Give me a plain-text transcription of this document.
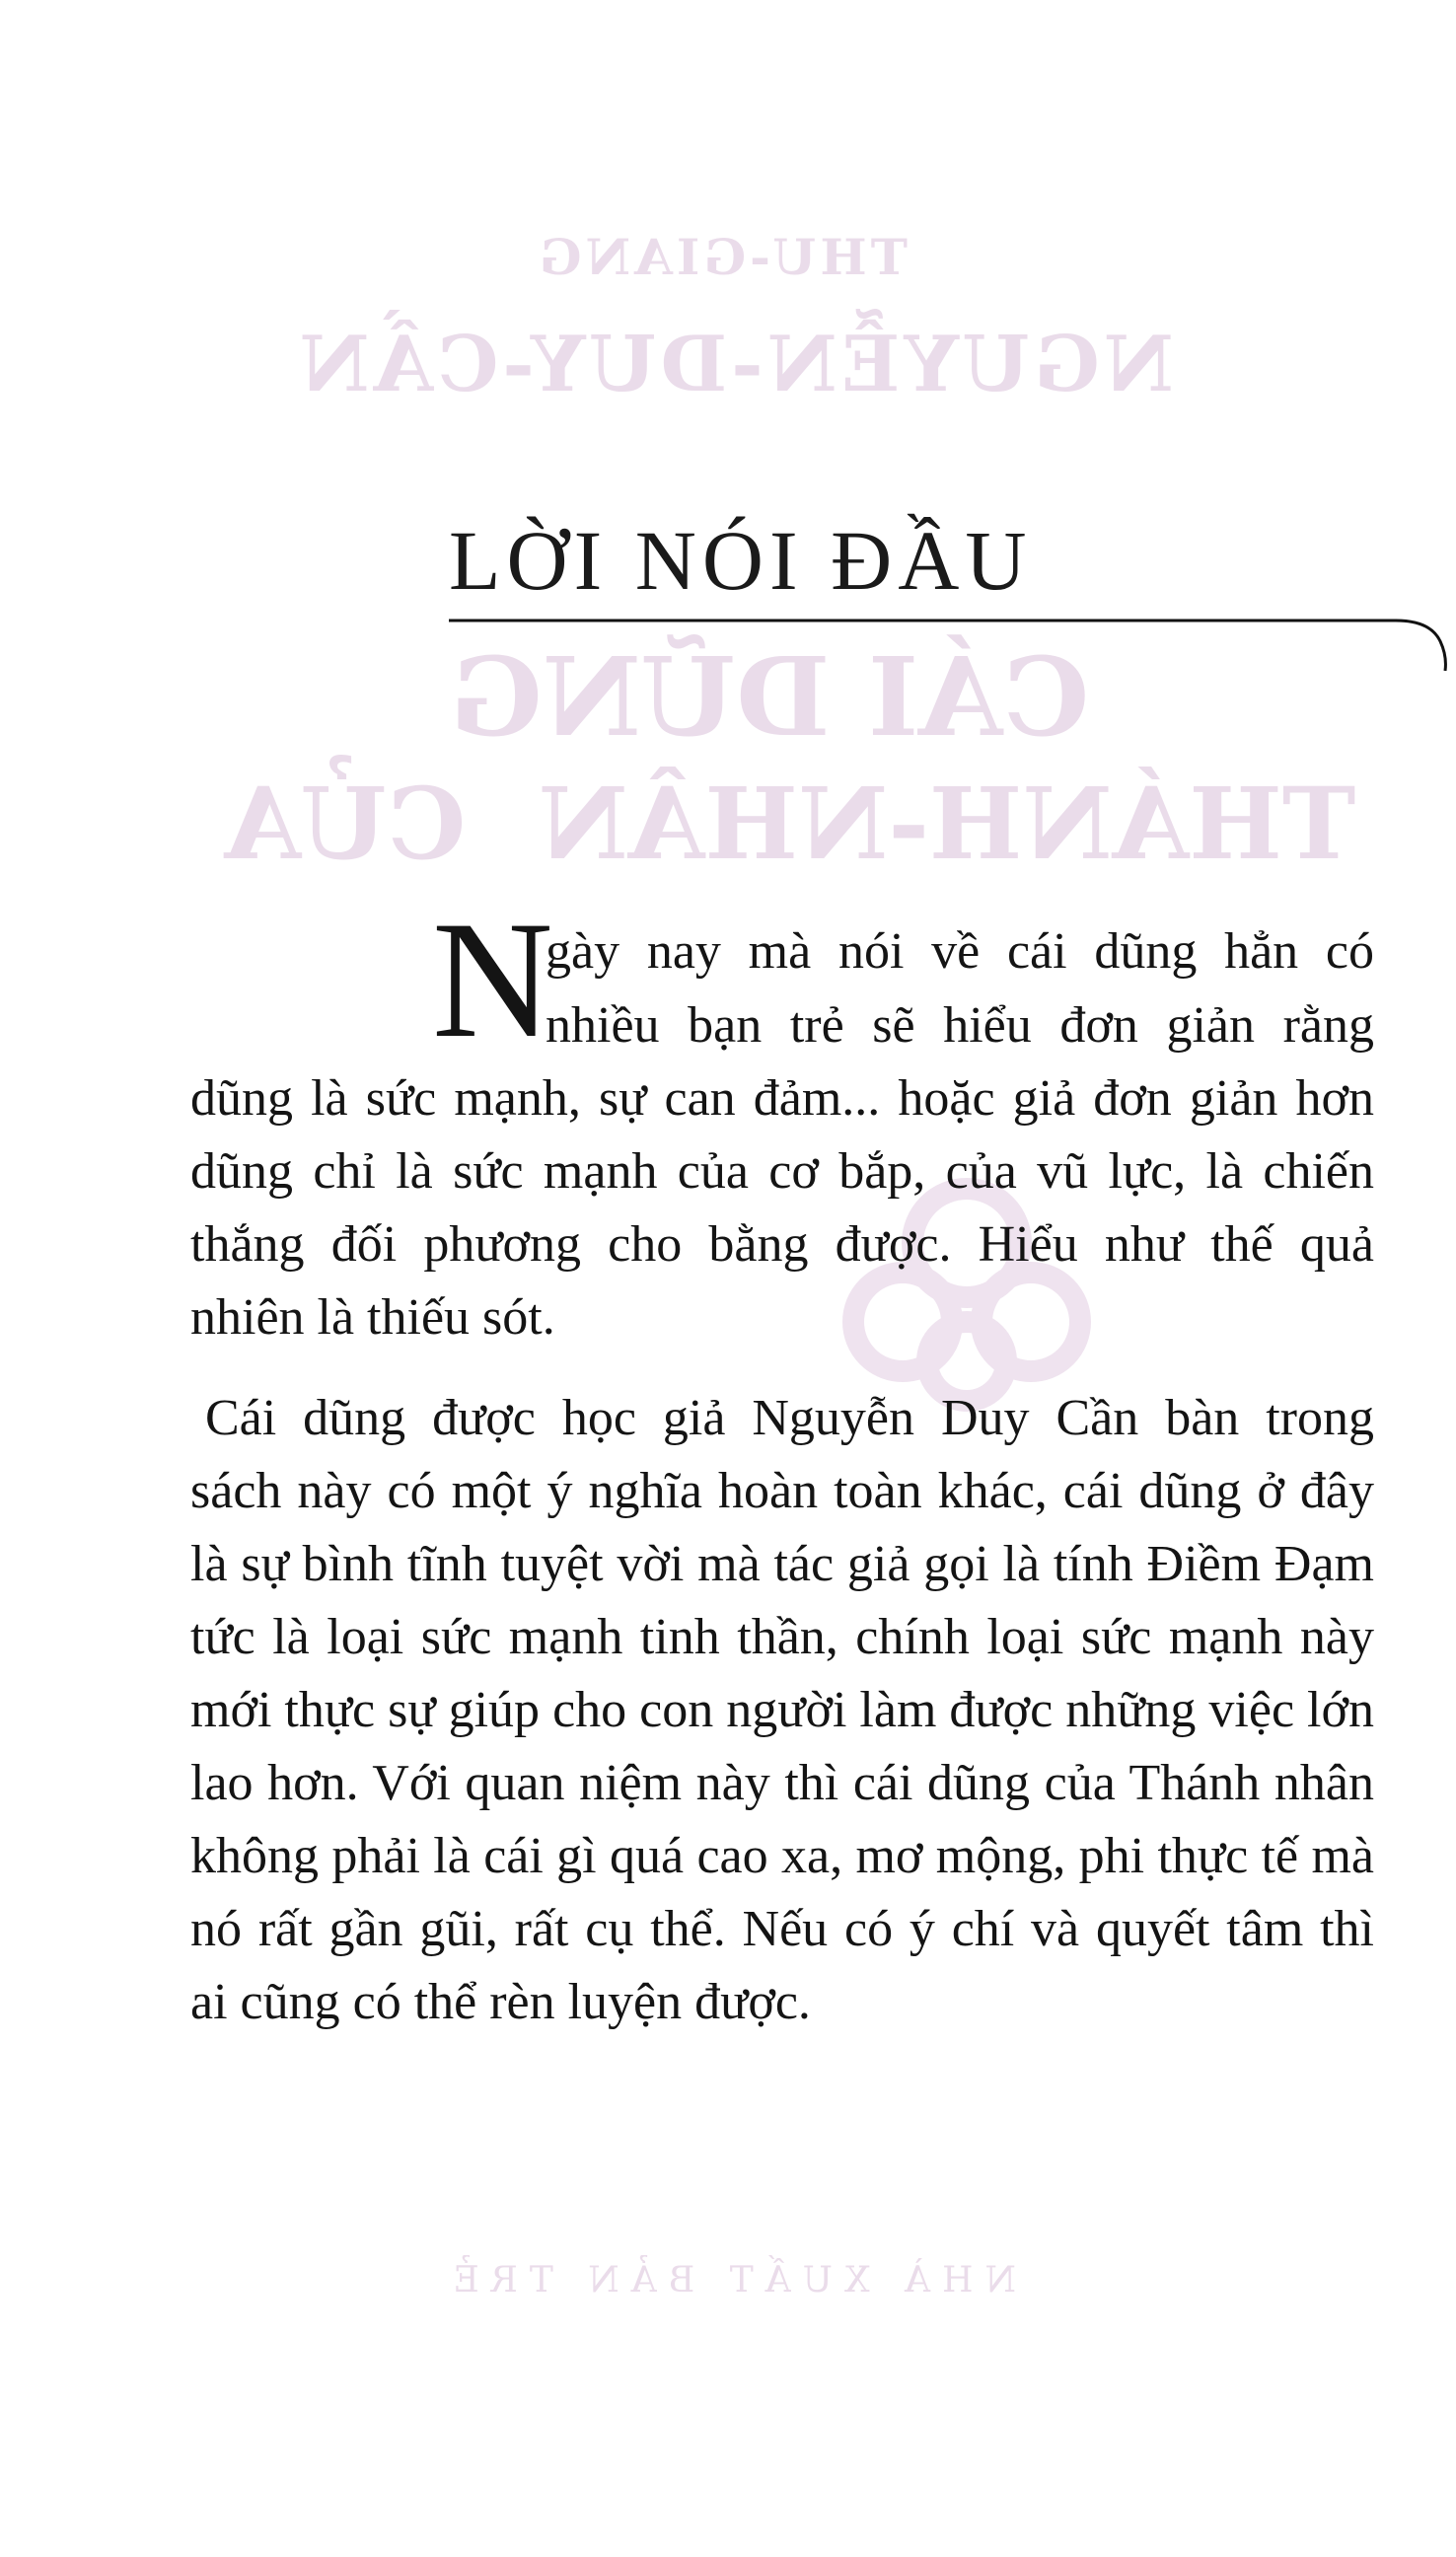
THU-GIANG
NGUYỄN-DUY-CẦN
CÁI DŨNG
CỦA THÁNH-NHÂN
NHÀ XUẤT BẢN TRẺ
LỜI NÓI ĐẦU
N
gày nay mà nói về cái dũng hẳn có
nhiều bạn trẻ sẽ hiểu đơn giản rằng
dũng là sức mạnh, sự can đảm... hoặc giả đơn giản hơn
dũng chỉ là sức mạnh của cơ bắp, của vũ lực, là chiến
thắng đối phương cho bằng được. Hiểu như thế quả
nhiên là thiếu sót.
Cái dũng được học giả Nguyễn Duy Cần bàn trong
sách này có một ý nghĩa hoàn toàn khác, cái dũng ở đây
là sự bình tĩnh tuyệt vời mà tác giả gọi là tính Điềm Đạm
tức là loại sức mạnh tinh thần, chính loại sức mạnh này
mới thực sự giúp cho con người làm được những việc lớn
lao hơn. Với quan niệm này thì cái dũng của Thánh nhân
không phải là cái gì quá cao xa, mơ mộng, phi thực tế mà
nó rất gần gũi, rất cụ thể. Nếu có ý chí và quyết tâm thì
ai cũng có thể rèn luyện được.
